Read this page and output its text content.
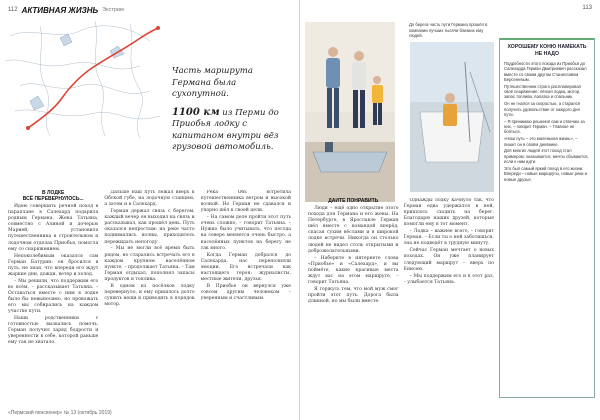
112 АКТИВНАЯ ЖИЗНЬ Экстрим
Часть маршрута Германа была сухопутной.
1100 км из Перми до Приобья лодку с капитаном внутри вёз грузовой автомобиль.
В ЛОДКЕ
ВСЁ ПЕРЕВЕРНУЛОСЬ...

Идею совершить речной поход в параплане в Салехард подарила родным Германа. Жена Татьяна, совместно с Алиной и дочерью Марией, установила путешественника в строительном и лодочном отделах Приобья, помогла ему со снаряжением.

Непоколебимым оказался сам Герман Батурин: он бросился в путь, не зная, что впереди его ждут жаркие дни, дожди, ветер и холод.

– Мы решили, что поддержим его во всём, – рассказывает Татьяна. – Оставаться вместе с ним в лодке было бы невыносимо, но провожать его мы собирались на каждом участке пути.

Наши родственники с готовностью вызвались помочь. Герман получил заряд бодрости и уверенности в себе, которой раньше ему так не хватало.

Дальше наш путь лежал вверх к Обской губе, на лодочную станцию, а затем и в Салехард.

Герман держал связь с берегом, каждый вечер он выходил на связь и рассказывал, как прошёл день. Путь оказался непростым: на реке часто поднимались волны, приходилось пережидать непогоду.

– Мы не могли всё время быть рядом, но старались встречать его в каждом крупном населённом пункте, – продолжает Татьяна. – Там Герман отдыхал, пополнял запасы продуктов и топлива.

В одном из посёлков лодку перевернуло, и ему пришлось долго сушить вещи и приводить в порядок мотор.

Река Обь встретила путешественника ветром и высокой волной. Но Герман не сдавался и упорно шёл к своей цели.

– На самом деле пройти этот путь очень сложно, – говорит Татьяна. – Нужно было учитывать, что погода на севере меняется очень быстро, а населённых пунктов на берегу не так много.

Когда Герман добрался до Салехарда, нас переполняли эмоции. Его встречали как настоящего героя: журналисты, местные жители, друзья.

В Приобье он вернулся уже совсем другим человеком – уверенным и счастливым.

«Пермский пенсионер» № 13 (октябрь 2019)
113
До берега часть пути Германа прошёл в компании лучших тысячи близких ему людей.
ХОРОШЕМУ КОНЮ НАМЕКАТЬ НЕ НАДО

Подробности этого похода из Приобья до Салехарда Герман Дмитриевич рассказал вместе со своим другом Станиславом Берсеневым.

Путешественник строго распланировал своё снаряжение: лёгкая лодка, мотор, запас топлива, палатка и спальник.

Он не гнался за скоростью, а старался получить удовольствие от каждого дня пути.

– Я принимаю решения сам и отвечаю за них, – говорит Герман. – Главное не бояться.

«Наш путь – это маленькая жизнь», – пишет он в своём дневнике.

Для многих людей этот поход стал примером: оказывается, мечты сбываются, если к ним идти.

Это был самый яркий поход в его жизни. Впереди – новые маршруты, новые реки и новые друзья.

ДАЙТЕ ПОНРАВИТЬ

Люди – ещё одно открытие этого похода для Германа и его жены. На Петербурге, в Ярославле Герман шёл вместе с командой вперёд, спасая сухим вёслами и в широкой лодке встречи. Никогда он столько людей не видел столь открытыми и доброжелательными.

– Наберите в интернете слова «Приобье» и «Салехард», и вы поймёте, какие красивые места ждут вас на этом маршруте, – говорит Татьяна.

Я горжусь тем, что мой муж смог пройти этот путь. Дорога была длинной, но мы были вместе.

Однажды лодку качнуло так, что Герман едва удержался в ней, пришлось сходить на берег. Благодарю наших друзей, которые помогли ему в тот момент.

– Лодка – важнее всего, – говорит Герман. – Если ты о ней заботишься, она не подведёт в трудную минуту.

Сейчас Герман мечтает о новых походах. Он уже планирует следующий маршрут – вверх по Енисею.

– Мы поддержим его и в этот раз, – улыбается Татьяна.
